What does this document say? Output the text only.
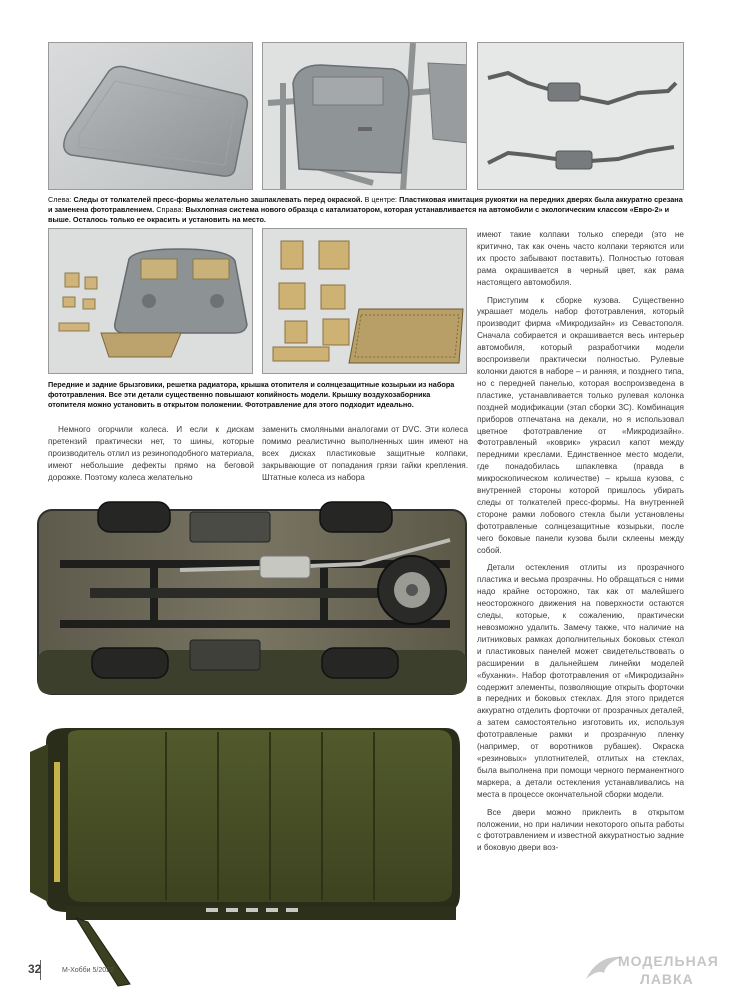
Слева: Следы от толкателей пресс-формы желательно зашпаклевать перед окраской. В центре: Пластиковая имитация рукоятки на передних дверях была аккуратно срезана и заменена фототравлением. Справа: Выхлопная система нового образца с катализатором, которая устанавливается на автомобили с экологическим классом «Евро-2» и выше. Осталось только ее окрасить и установить на место.

Передние и задние брызговики, решетка радиатора, крышка отопителя и солнцезащитные козырьки из набора фототравления. Все эти детали существенно повышают копийность модели. Крышку воздухозаборника отопителя можно установить в открытом положении. Фототравление для этого подходит идеально.

Немного огорчили колеса. И если к дискам претензий практически нет, то шины, которые производитель отлил из резиноподобного материала, имеют небольшие дефекты прямо на беговой дорожке. Поэтому колеса желательно

заменить смоляными аналогами от DVC. Эти колеса помимо реалистично выполненных шин имеют на всех дисках пластиковые защитные колпаки, закрывающие от попадания грязи гайки крепления. Штатные колеса из набора

имеют такие колпаки только спереди (это не критично, так как очень часто колпаки теряются или их просто забывают поставить). Полностью готовая рама окрашивается в черный цвет, как рама настоящего автомобиля.

Приступим к сборке кузова. Существенно украшает модель набор фототравления, который производит фирма «Микродизайн» из Севастополя. Сначала собирается и окрашивается весь интерьер автомобиля, который разработчики модели воспроизвели практически полностью. Рулевые колонки даются в наборе – и ранняя, и позднего типа, но с передней панелью, которая воспроизведена в пластике, устанавливается только рулевая колонка поздней модификации (этап сборки 3С). Комбинация приборов отпечатана на декали, но я использовал цветное фототравление от «Микродизайн». Фототравленый «коврик» украсил капот между передними креслами. Единственное место модели, где понадобилась шпаклевка (правда в микроскопическом количестве) – крыша кузова, с внутренней стороны которой пришлось убирать следы от толкателей пресс-формы. На внутренней стороне рамки лобового стекла были установлены фототравленые солнцезащитные козырьки, после чего боковые панели кузова были склеены между собой.

Детали остекления отлиты из прозрачного пластика и весьма прозрачны. Но обращаться с ними надо крайне осторожно, так как от малейшего неосторожного движения на поверхности остаются следы, которые, к сожалению, практически невозможно удалить. Замечу также, что наличие на литниковых рамках дополнительных боковых стекол и пластиковых панелей может свидетельствовать о расширении в дальнейшем линейки моделей «буханки». Набор фототравления от «Микродизайн» содержит элементы, позволяющие открыть форточки в передних и боковых стеклах. Для этого придется аккуратно отделить форточки от прозрачных деталей, а затем самостоятельно изготовить их, используя фототравленые рамки и прозрачную пленку (например, от воротников рубашек). Окраска «резиновых» уплотнителей, отлитых на стеклах, была выполнена при помощи черного перманентного маркера, а детали остекления устанавливались на места в процессе окончательной сборки модели.

Все двери можно приклеить в открытом положении, но при наличии некоторого опыта работы с фототравлением и известной аккуратностью задние и боковую двери воз-

32	М-Хобби 5/2022
МОДЕЛЬНАЯ
ЛАВКА
